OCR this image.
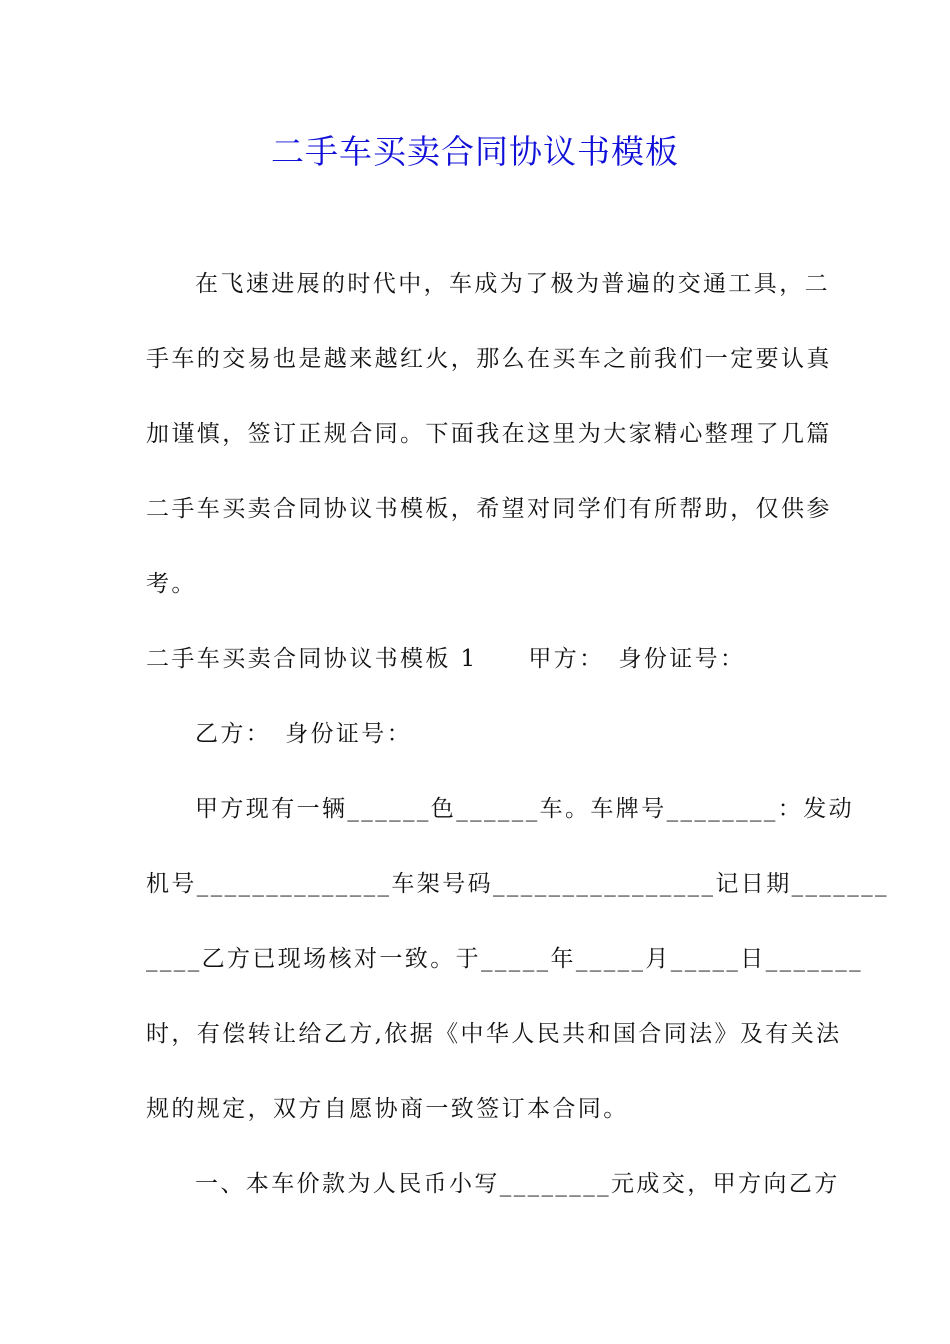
二手车买卖合同协议书模板

在飞速进展的时代中，车成为了极为普遍的交通工具，二

手车的交易也是越来越红火，那么在买车之前我们一定要认真

加谨慎，签订正规合同。下面我在这里为大家精心整理了几篇

二手车买卖合同协议书模板，希望对同学们有所帮助，仅供参

考。

二手车买卖合同协议书模板 1　　甲方：　身份证号：

乙方：　身份证号：

甲方现有一辆______色______车。车牌号________：发动

机号______________车架号码________________记日期_______

____乙方已现场核对一致。于_____年_____月_____日_______

时，有偿转让给乙方,依据《中华人民共和国合同法》及有关法

规的规定，双方自愿协商一致签订本合同。

一、本车价款为人民币小写________元成交，甲方向乙方
